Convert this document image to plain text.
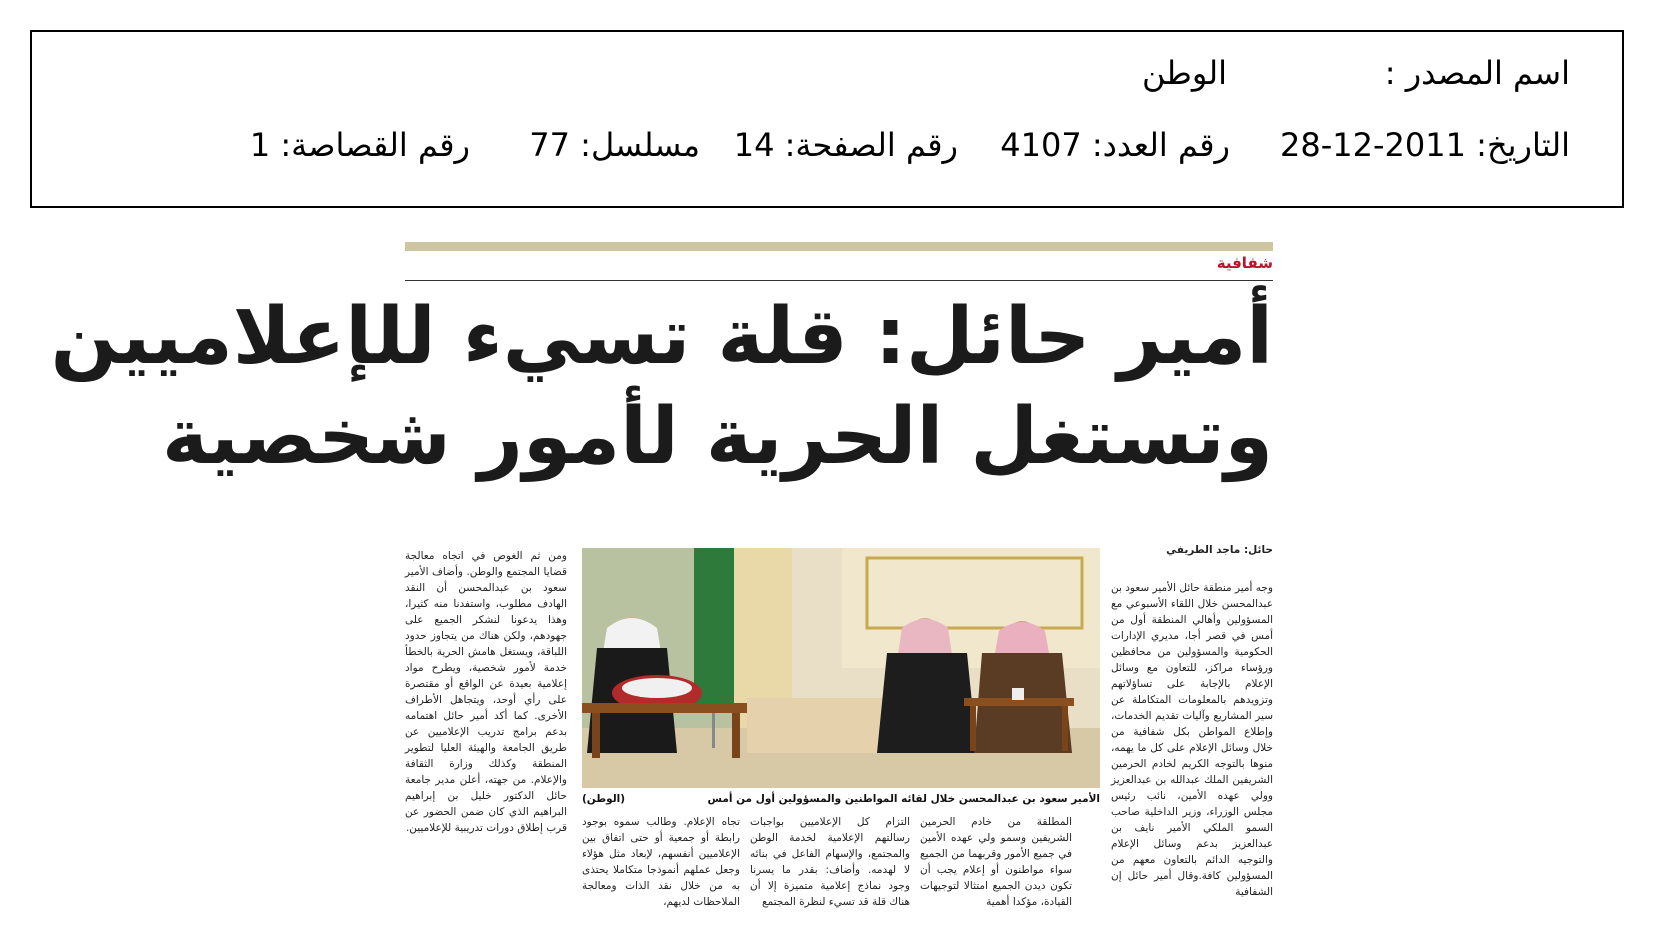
اسم المصدر :
الوطن
التاريخ: 2011-12-28
رقم العدد: 4107
رقم الصفحة: 14
مسلسل: 77
رقم القصاصة: 1
شفافية
أمير حائل: قلة تسيء للإعلاميين
وتستغل الحرية لأمور شخصية
حائل: ماجد الطريفي
وجه أمير منطقة حائل الأمير سعود بن عبدالمحسن خلال اللقاء الأسبوعي مع المسؤولين وأهالي المنطقة أول من أمس في قصر أجا، مديري الإدارات الحكومية والمسؤولين من محافظين ورؤساء مراكز، للتعاون مع وسائل الإعلام بالإجابة على تساؤلاتهم وتزويدهم بالمعلومات المتكاملة عن سير المشاريع وآليات تقديم الخدمات، وإطلاع المواطن بكل شفافية من خلال وسائل الإعلام على كل ما يهمه، منوها بالتوجه الكريم لخادم الحرمين الشريفين الملك عبدالله بن عبدالعزيز وولي عهده الأمين، نائب رئيس مجلس الوزراء، وزير الداخلية صاحب السمو الملكي الأمير نايف بن عبدالعزيز بدعم وسائل الإعلام والتوجيه الدائم بالتعاون معهم من المسؤولين كافة.وقال أمير حائل إن الشفافية
الأمير سعود بن عبدالمحسن خلال لقائه المواطنين والمسؤولين أول من أمس
(الوطن)
المطلقة من خادم الحرمين الشريفين وسمو ولي عهده الأمين في جميع الأمور وقربهما من الجميع سواء مواطنون أو إعلام يجب أن تكون ديدن الجميع امتثالا لتوجيهات القيادة، مؤكدا أهمية
التزام كل الإعلاميين بواجبات رسالتهم الإعلامية لخدمة الوطن والمجتمع، والإسهام الفاعل في بنائه لا لهدمه. وأضاف: بقدر ما يسرنا وجود نماذج إعلامية متميزة إلا أن هناك قلة قد تسيء لنظرة المجتمع
تجاه الإعلام. وطالب سموه بوجود رابطة أو جمعية أو حتى اتفاق بين الإعلاميين أنفسهم، لإبعاد مثل هؤلاء وجعل عملهم أنموذجا متكاملا يحتذى به من خلال نقد الذات ومعالجة الملاحظات لديهم،
ومن ثم الغوص في اتجاه معالجة قضايا المجتمع والوطن. وأضاف الأمير سعود بن عبدالمحسن أن النقد الهادف مطلوب، واستفدنا منه كثيرا، وهذا يدعونا لنشكر الجميع على جهودهم، ولكن هناك من يتجاوز حدود اللباقة، ويستغل هامش الحرية بالخطأ خدمة لأمور شخصية، ويطرح مواد إعلامية بعيدة عن الواقع أو مقتصرة على رأي أوحد، ويتجاهل الأطراف الأخرى. كما أكد أمير حائل اهتمامه بدعم برامج تدريب الإعلاميين عن طريق الجامعة والهيئة العليا لتطوير المنطقة وكذلك وزارة الثقافة والإعلام. من جهته، أعلن مدير جامعة حائل الدكتور خليل بن إبراهيم البراهيم الذي كان ضمن الحضور عن قرب إطلاق دورات تدريبية للإعلاميين.
